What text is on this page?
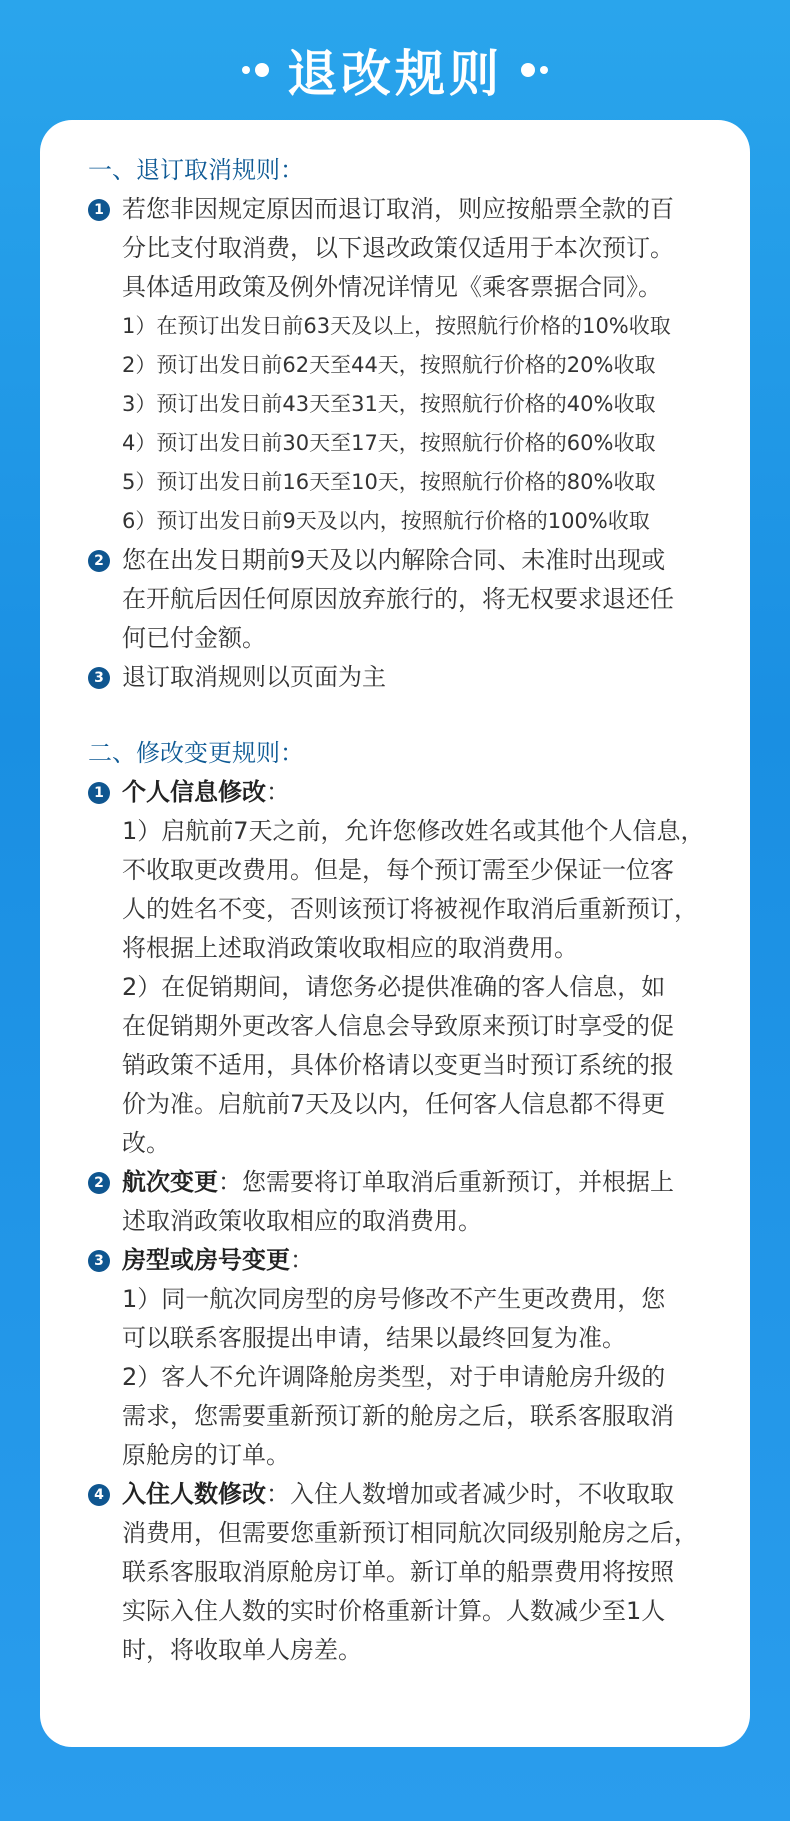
退改规则
一、退订取消规则：
1 若您非因规定原因而退订取消，则应按船票全款的百
分比支付取消费，以下退改政策仅适用于本次预订。
具体适用政策及例外情况详情见《乘客票据合同》。
1）在预订出发日前63天及以上，按照航行价格的10%收取
2）预订出发日前62天至44天，按照航行价格的20%收取
3）预订出发日前43天至31天，按照航行价格的40%收取
4）预订出发日前30天至17天，按照航行价格的60%收取
5）预订出发日前16天至10天，按照航行价格的80%收取
6）预订出发日前9天及以内，按照航行价格的100%收取
2 您在出发日期前9天及以内解除合同、未准时出现或
在开航后因任何原因放弃旅行的，将无权要求退还任
何已付金额。
3 退订取消规则以页面为主
二、修改变更规则：
1 个人信息修改：
1）启航前7天之前，允许您修改姓名或其他个人信息，
不收取更改费用。但是，每个预订需至少保证一位客
人的姓名不变，否则该预订将被视作取消后重新预订，
将根据上述取消政策收取相应的取消费用。
2）在促销期间，请您务必提供准确的客人信息，如
在促销期外更改客人信息会导致原来预订时享受的促
销政策不适用，具体价格请以变更当时预订系统的报
价为准。启航前7天及以内，任何客人信息都不得更
改。
2 航次变更：您需要将订单取消后重新预订，并根据上
述取消政策收取相应的取消费用。
3 房型或房号变更：
1）同一航次同房型的房号修改不产生更改费用，您
可以联系客服提出申请，结果以最终回复为准。
2）客人不允许调降舱房类型，对于申请舱房升级的
需求，您需要重新预订新的舱房之后，联系客服取消
原舱房的订单。
4 入住人数修改：入住人数增加或者减少时，不收取取
消费用，但需要您重新预订相同航次同级别舱房之后，
联系客服取消原舱房订单。新订单的船票费用将按照
实际入住人数的实时价格重新计算。人数减少至1人
时，将收取单人房差。
